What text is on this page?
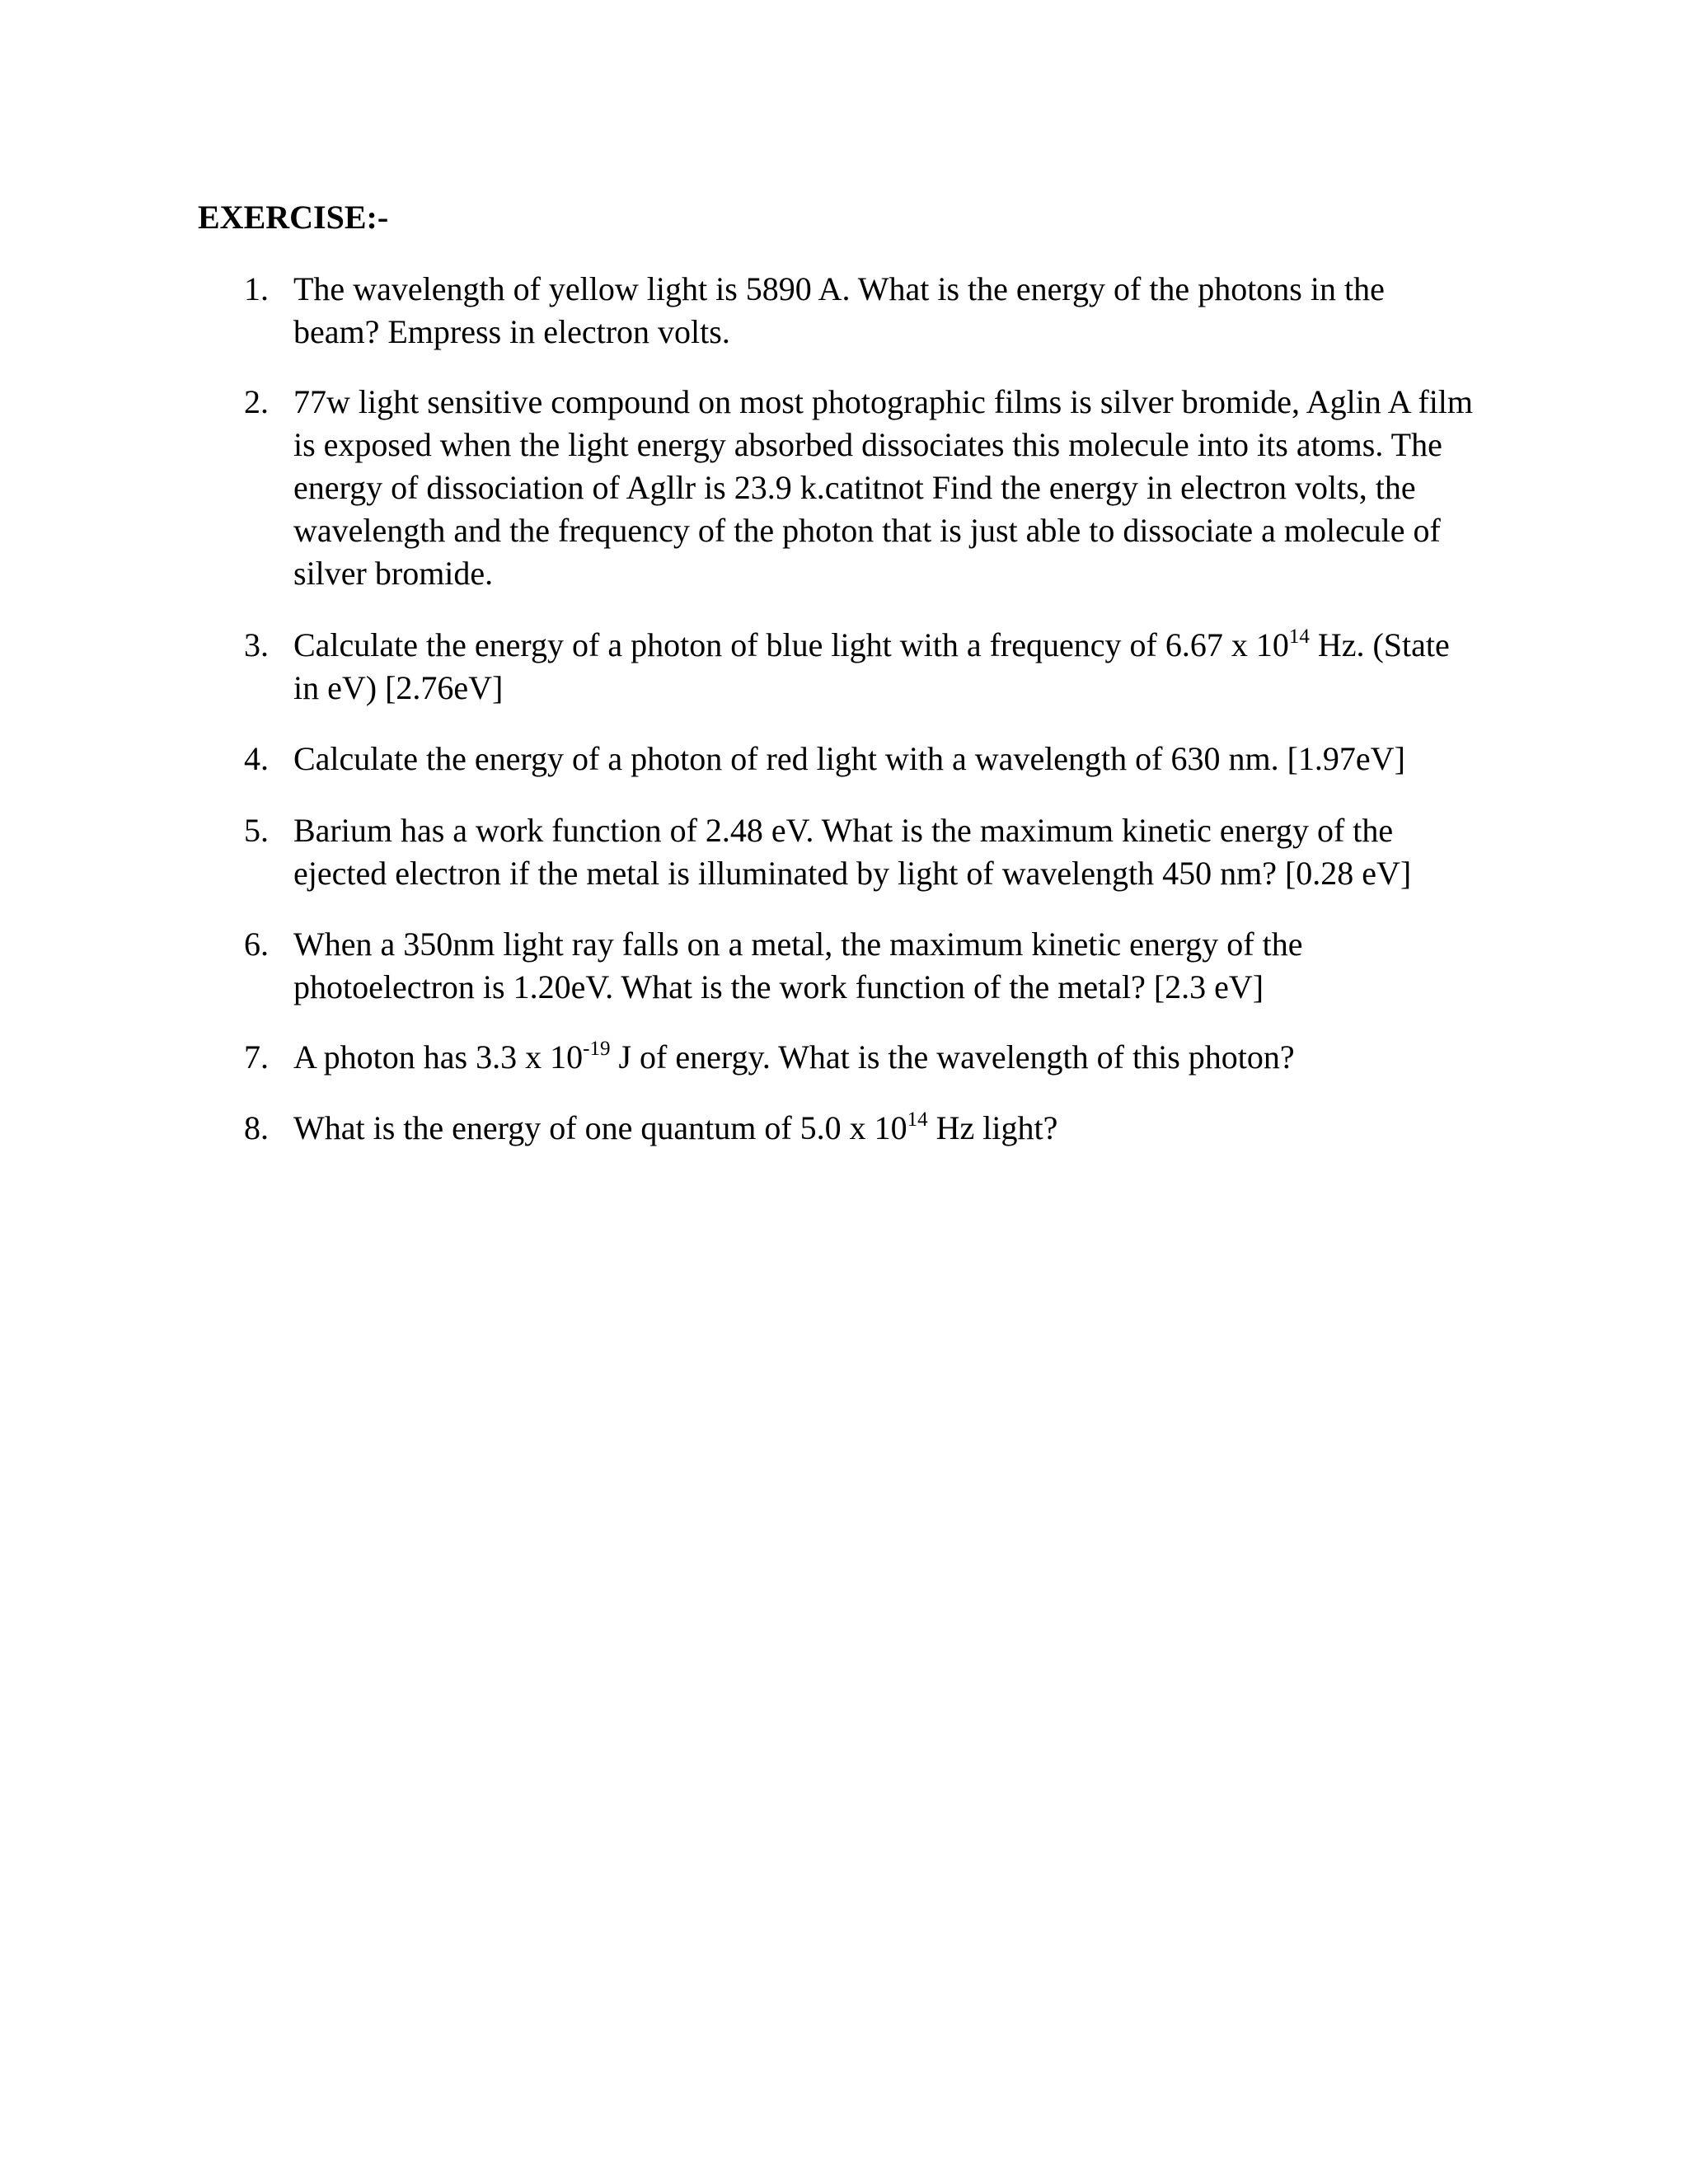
EXERCISE:-
1. The wavelength of yellow light is 5890 A. What is the energy of the photons in the
beam? Empress in electron volts.
2. 77w light sensitive compound on most photographic films is silver bromide, Aglin A film
is exposed when the light energy absorbed dissociates this molecule into its atoms. The
energy of dissociation of Agllr is 23.9 k.catitnot Find the energy in electron volts, the
wavelength and the frequency of the photon that is just able to dissociate a molecule of
silver bromide.
3. Calculate the energy of a photon of blue light with a frequency of 6.67 x $10^{14}$ Hz. (State
in eV) [2.76eV]
4. Calculate the energy of a photon of red light with a wavelength of 630 nm. [1.97eV]
5. Barium has a work function of 2.48 eV. What is the maximum kinetic energy of the
ejected electron if the metal is illuminated by light of wavelength 450 nm? [0.28 eV]
6. When a 350nm light ray falls on a metal, the maximum kinetic energy of the
photoelectron is 1.20eV. What is the work function of the metal? [2.3 eV]
7. A photon has 3.3 x $10^{-19}$ J of energy. What is the wavelength of this photon?
8. What is the energy of one quantum of 5.0 x $10^{14}$ Hz light?
